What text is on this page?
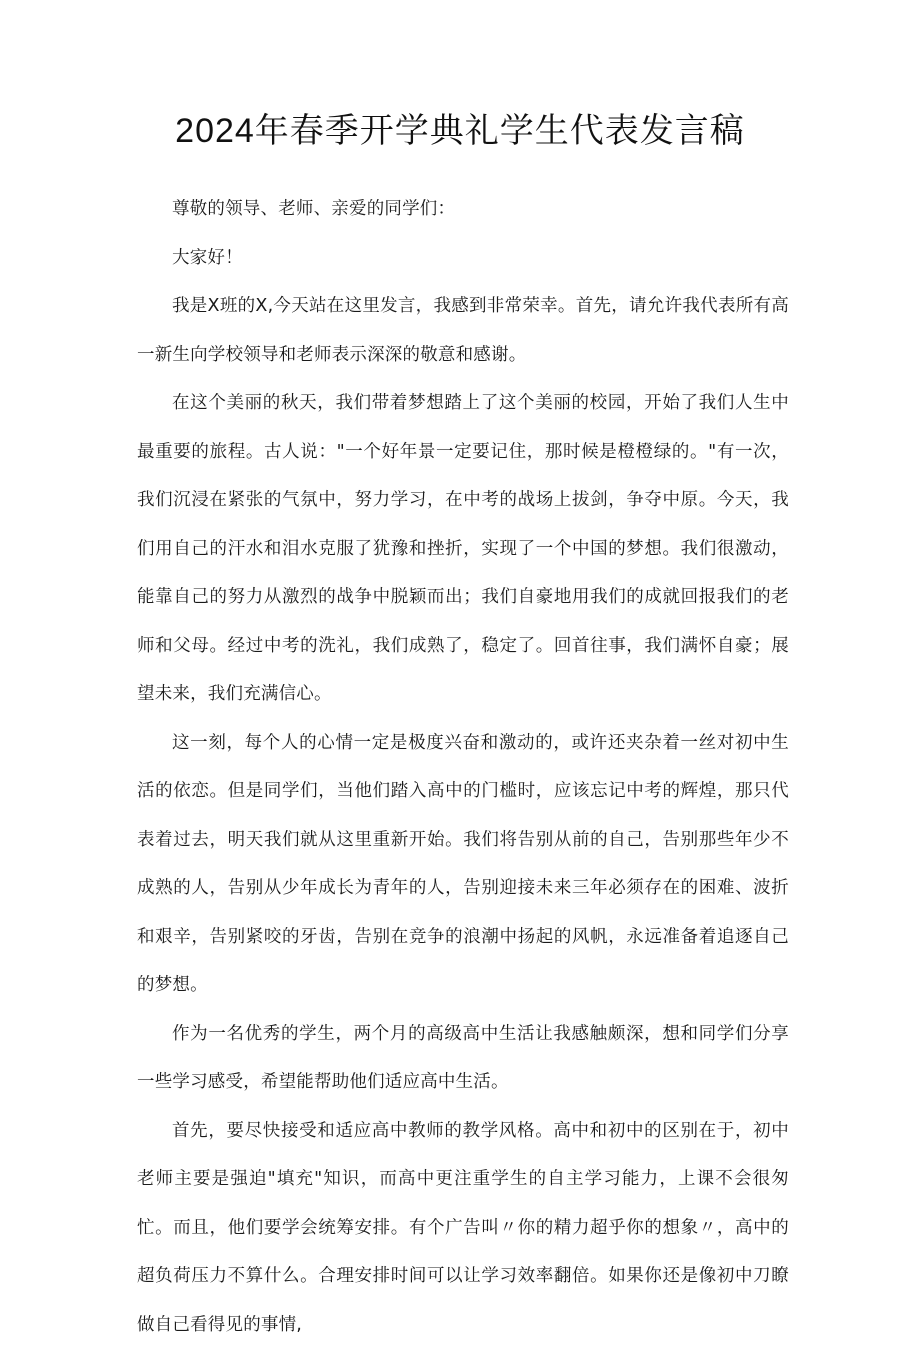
2024年春季开学典礼学生代表发言稿

尊敬的领导、老师、亲爱的同学们：

大家好！

我是X班的X,今天站在这里发言，我感到非常荣幸。首先，请允许我代表所有高一新生向学校领导和老师表示深深的敬意和感谢。

在这个美丽的秋天，我们带着梦想踏上了这个美丽的校园，开始了我们人生中最重要的旅程。古人说："一个好年景一定要记住，那时候是橙橙绿的。"有一次，我们沉浸在紧张的气氛中，努力学习，在中考的战场上拔剑，争夺中原。今天，我们用自己的汗水和泪水克服了犹豫和挫折，实现了一个中国的梦想。我们很激动，能靠自己的努力从激烈的战争中脱颖而出；我们自豪地用我们的成就回报我们的老师和父母。经过中考的洗礼，我们成熟了，稳定了。回首往事，我们满怀自豪；展望未来，我们充满信心。

这一刻，每个人的心情一定是极度兴奋和激动的，或许还夹杂着一丝对初中生活的依恋。但是同学们，当他们踏入高中的门槛时，应该忘记中考的辉煌，那只代表着过去，明天我们就从这里重新开始。我们将告别从前的自己，告别那些年少不成熟的人，告别从少年成长为青年的人，告别迎接未来三年必须存在的困难、波折和艰辛，告别紧咬的牙齿，告别在竞争的浪潮中扬起的风帆，永远准备着追逐自己的梦想。

作为一名优秀的学生，两个月的高级高中生活让我感触颇深，想和同学们分享一些学习感受，希望能帮助他们适应高中生活。

首先，要尽快接受和适应高中教师的教学风格。高中和初中的区别在于，初中老师主要是强迫"填充"知识，而高中更注重学生的自主学习能力，上课不会很匆忙。而且，他们要学会统筹安排。有个广告叫〃你的精力超乎你的想象〃，高中的超负荷压力不算什么。合理安排时间可以让学习效率翻倍。如果你还是像初中刀瞭做自己看得见的事情,
